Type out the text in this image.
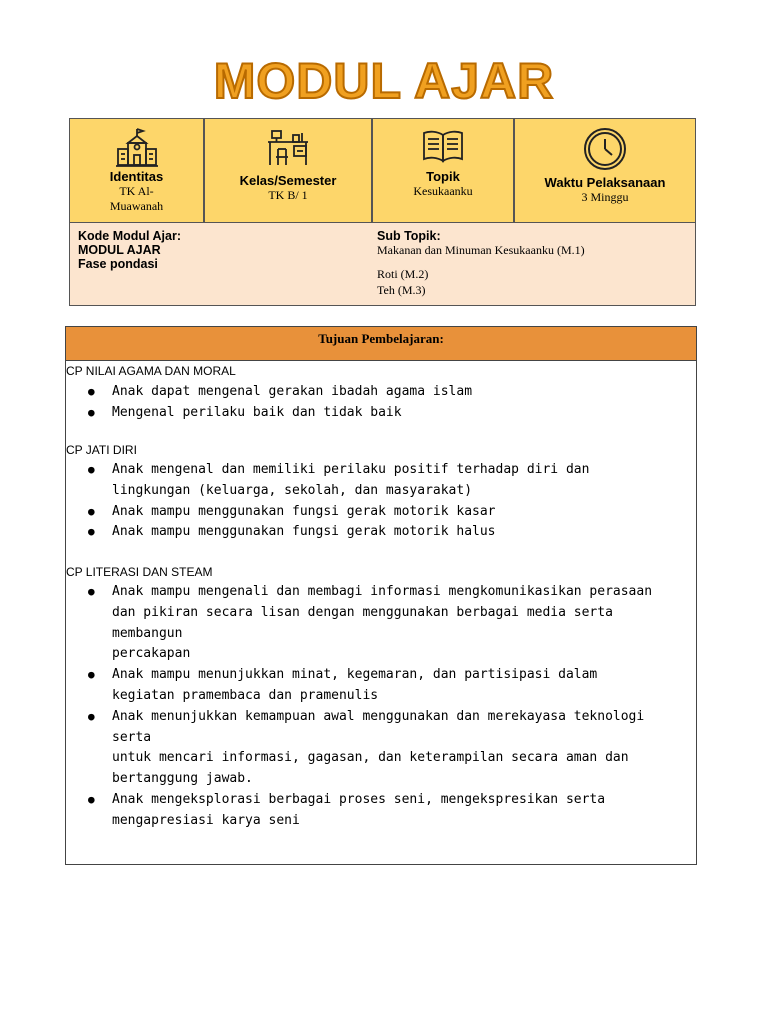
MODUL AJAR
Identitas
TK Al-
Muawanah
Kelas/Semester
TK B/ 1
Topik
Kesukaanku
Waktu Pelaksanaan
3 Minggu
Kode Modul Ajar:
MODUL AJAR
Fase pondasi
Sub Topik:
Makanan dan Minuman Kesukaanku (M.1)
Roti (M.2)
Teh (M.3)
Tujuan Pembelajaran:
CP NILAI AGAMA DAN MORAL
● Anak dapat mengenal gerakan ibadah agama islam
● Mengenal perilaku baik dan tidak baik
CP JATI DIRI
● Anak mengenal dan memiliki perilaku positif terhadap diri dan
lingkungan (keluarga, sekolah, dan masyarakat)
● Anak mampu menggunakan fungsi gerak motorik kasar
● Anak mampu menggunakan fungsi gerak motorik halus
CP LITERASI DAN STEAM
● Anak mampu mengenali dan membagi informasi mengkomunikasikan perasaan
dan pikiran secara lisan dengan menggunakan berbagai media serta membangun
percakapan
● Anak mampu menunjukkan minat, kegemaran, dan partisipasi dalam
kegiatan pramembaca dan pramenulis
● Anak menunjukkan kemampuan awal menggunakan dan merekayasa teknologi serta
untuk mencari informasi, gagasan, dan keterampilan secara aman dan
bertanggung jawab.
● Anak mengeksplorasi berbagai proses seni, mengekspresikan serta
mengapresiasi karya seni
